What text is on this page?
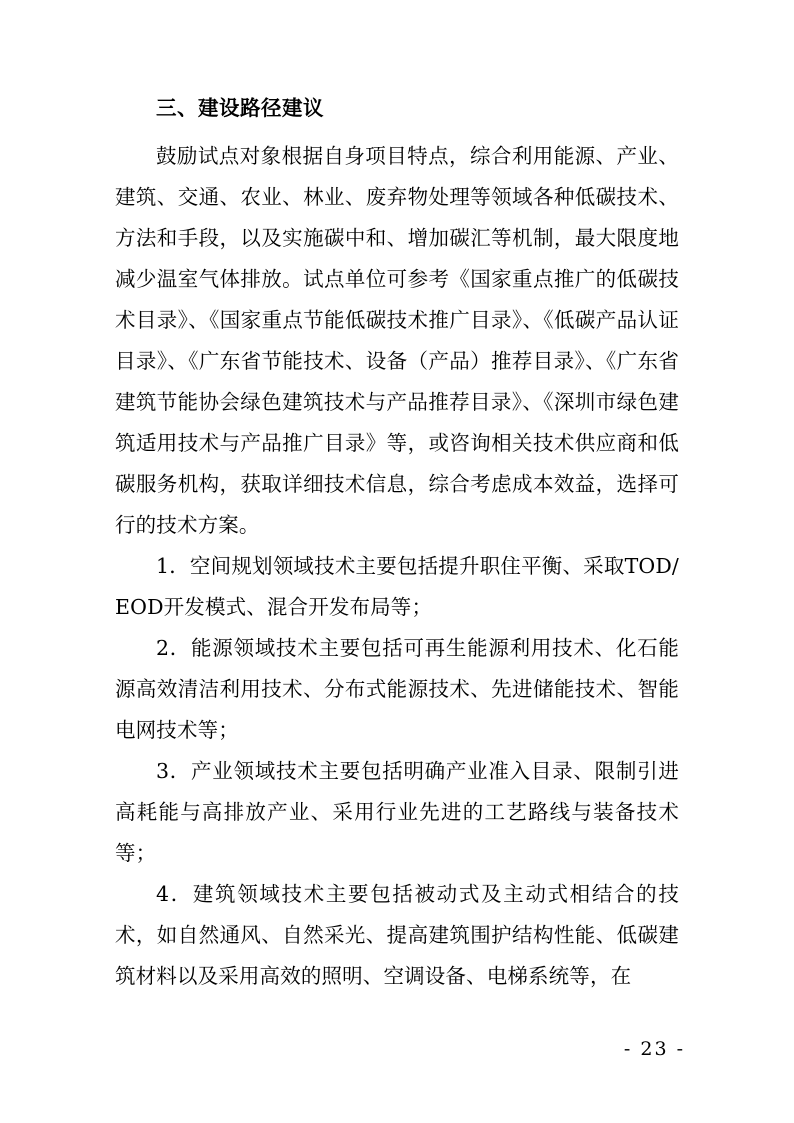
三、建设路径建议

鼓励试点对象根据自身项目特点，综合利用能源、产业、建筑、交通、农业、林业、废弃物处理等领域各种低碳技术、方法和手段，以及实施碳中和、增加碳汇等机制，最大限度地减少温室气体排放。试点单位可参考《国家重点推广的低碳技术目录》、《国家重点节能低碳技术推广目录》、《低碳产品认证目录》、《广东省节能技术、设备（产品）推荐目录》、《广东省建筑节能协会绿色建筑技术与产品推荐目录》、《深圳市绿色建筑适用技术与产品推广目录》等，或咨询相关技术供应商和低碳服务机构，获取详细技术信息，综合考虑成本效益，选择可行的技术方案。

1．空间规划领域技术主要包括提升职住平衡、采取TOD/EOD开发模式、混合开发布局等；

2．能源领域技术主要包括可再生能源利用技术、化石能源高效清洁利用技术、分布式能源技术、先进储能技术、智能电网技术等；

3．产业领域技术主要包括明确产业准入目录、限制引进高耗能与高排放产业、采用行业先进的工艺路线与装备技术等；

4．建筑领域技术主要包括被动式及主动式相结合的技术，如自然通风、自然采光、提高建筑围护结构性能、低碳建筑材料以及采用高效的照明、空调设备、电梯系统等，在

- 23 -
